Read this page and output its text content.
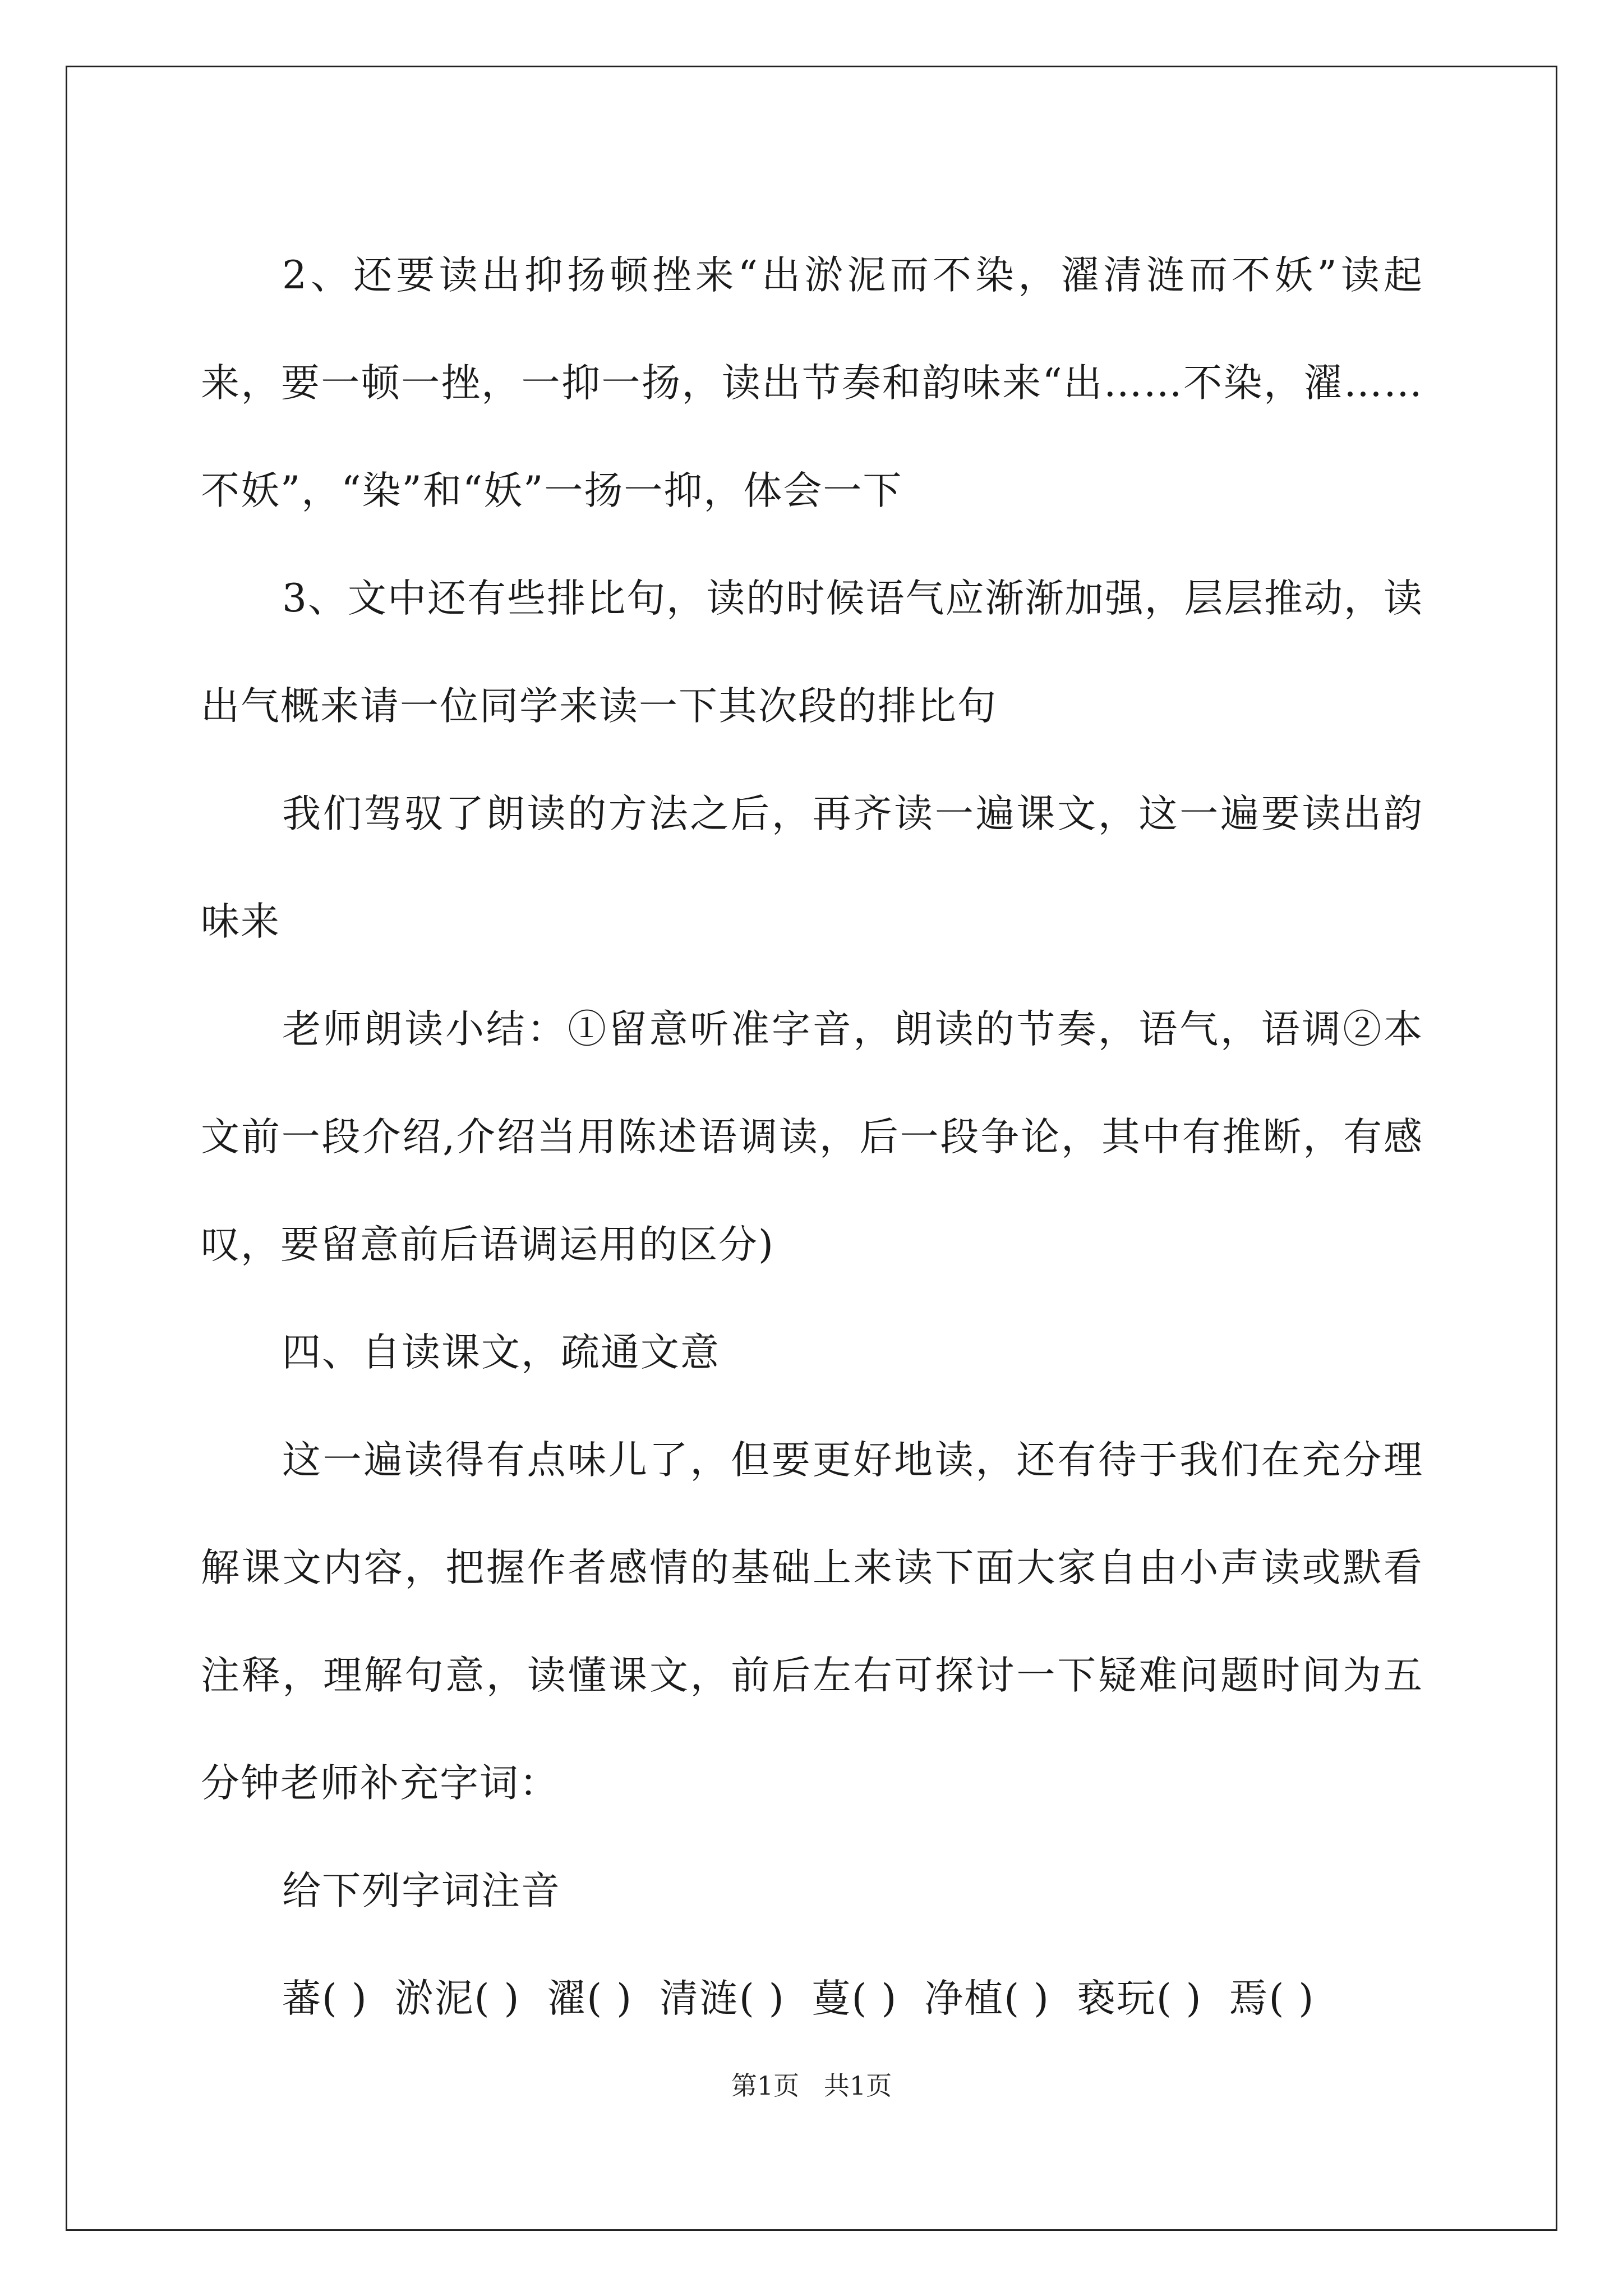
2、还要读出抑扬顿挫来“出淤泥而不染，濯清涟而不妖”读起来，要一顿一挫，一抑一扬，读出节奏和韵味来“出……不染，濯……不妖”，“染”和“妖”一扬一抑，体会一下

3、文中还有些排比句，读的时候语气应渐渐加强，层层推动，读出气概来请一位同学来读一下其次段的排比句

我们驾驭了朗读的方法之后，再齐读一遍课文，这一遍要读出韵味来

老师朗读小结：①留意听准字音，朗读的节奏，语气，语调②本文前一段介绍,介绍当用陈述语调读，后一段争论，其中有推断，有感叹，要留意前后语调运用的区分)

四、自读课文，疏通文意

这一遍读得有点味儿了，但要更好地读，还有待于我们在充分理解课文内容，把握作者感情的基础上来读下面大家自由小声读或默看注释，理解句意，读懂课文，前后左右可探讨一下疑难问题时间为五分钟老师补充字词：

给下列字词注音

蕃( )  淤泥( )  濯( )  清涟( )  蔓( )  净植( )  亵玩( )  焉( )

第1页   共1页
